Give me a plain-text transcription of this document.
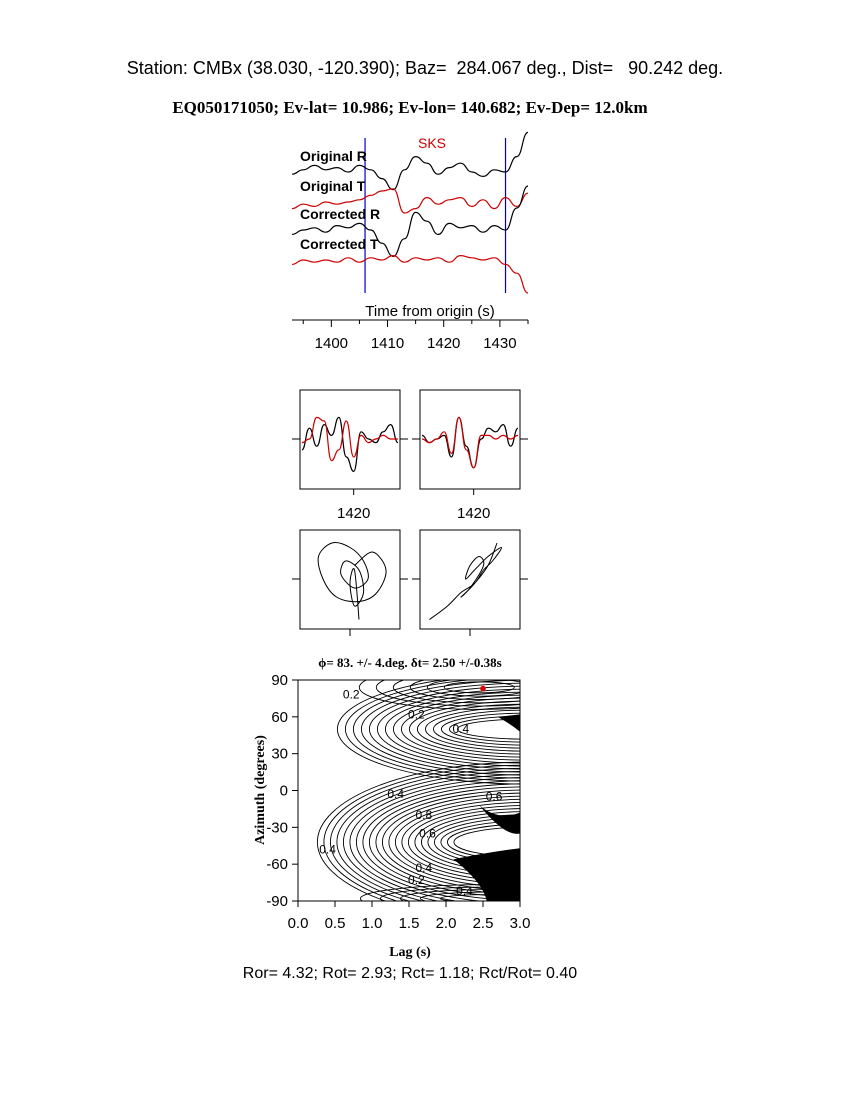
Station: CMBx (38.030, -120.390); Baz=  284.067 deg., Dist=   90.242 deg.
EQ050171050; Ev-lat= 10.986; Ev-lon= 140.682; Ev-Dep= 12.0km
1400 1410 1420 1430
Time from origin (s)
SKS
Original R
Original T
Corrected R
Corrected T
1420	1420
ϕ= 83. +/- 4.deg. δt= 2.50 +/-0.38s
0.2
0.2
0.4
0.4	0.6
0.8
0.4
0.6
0.4
0.2
0.4
0.0 0.5 1.0 1.5 2.0 2.5 3.0
90
60
30
0
-30
-60
-90
Lag (s)
Azimuth (degrees)
Ror= 4.32; Rot= 2.93; Rct= 1.18; Rct/Rot= 0.40
